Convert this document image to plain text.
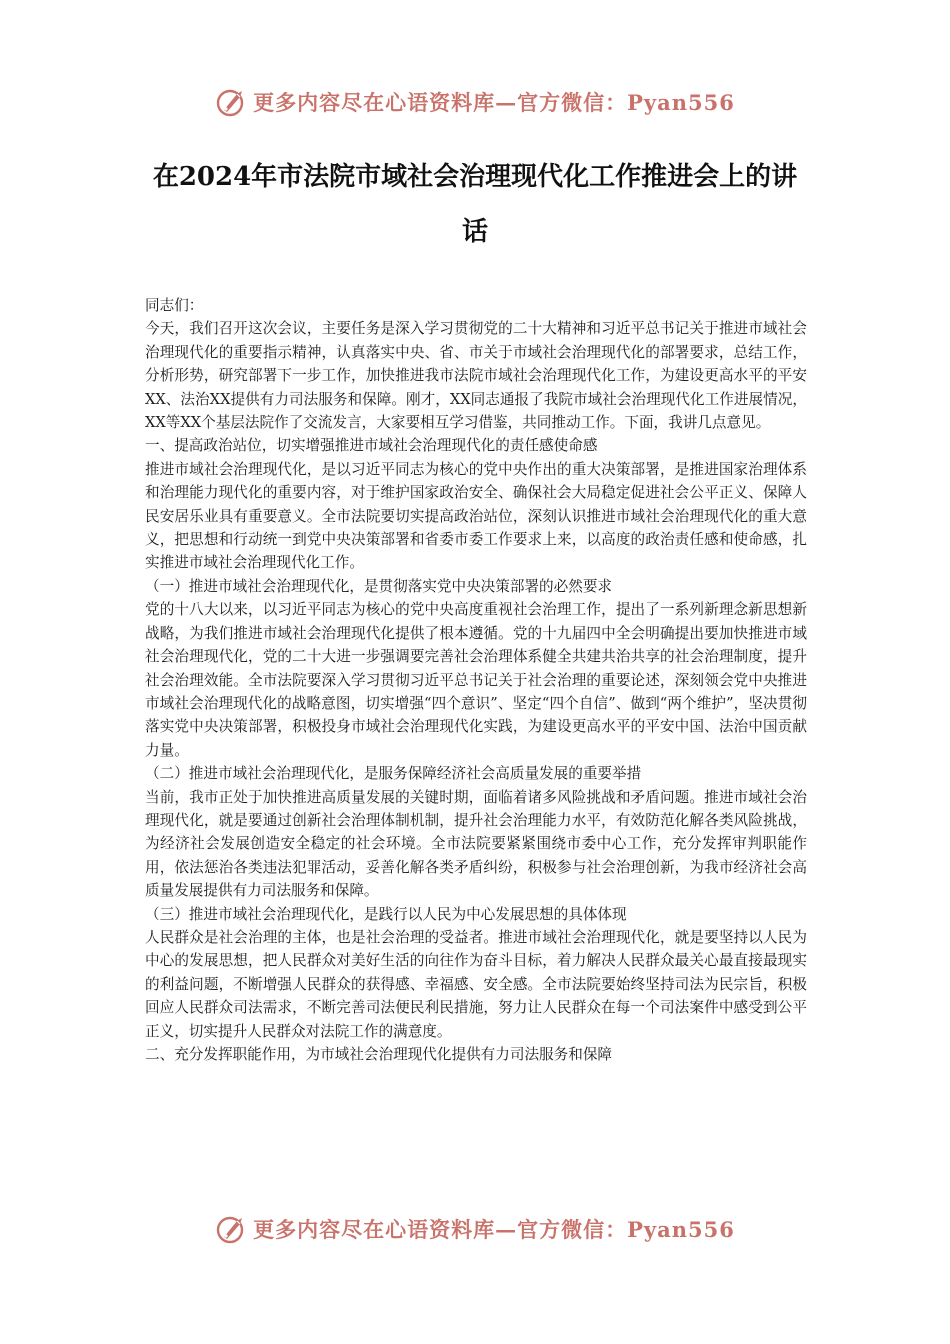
更多内容尽在心语资料库—官方微信：Pyan556
在2024年市法院市域社会治理现代化工作推进会上的讲话

同志们：

今天，我们召开这次会议，主要任务是深入学习贯彻党的二十大精神和习近平总书记关于推进市域社会治理现代化的重要指示精神，认真落实中央、省、市关于市域社会治理现代化的部署要求，总结工作，分析形势，研究部署下一步工作，加快推进我市法院市域社会治理现代化工作，为建设更高水平的平安XX、法治XX提供有力司法服务和保障。刚才，XX同志通报了我院市域社会治理现代化工作进展情况，XX等XX个基层法院作了交流发言，大家要相互学习借鉴，共同推动工作。下面，我讲几点意见。

一、提高政治站位，切实增强推进市域社会治理现代化的责任感使命感

推进市域社会治理现代化，是以习近平同志为核心的党中央作出的重大决策部署，是推进国家治理体系和治理能力现代化的重要内容，对于维护国家政治安全、确保社会大局稳定促进社会公平正义、保障人民安居乐业具有重要意义。全市法院要切实提高政治站位，深刻认识推进市域社会治理现代化的重大意义，把思想和行动统一到党中央决策部署和省委市委工作要求上来，以高度的政治责任感和使命感，扎实推进市域社会治理现代化工作。

（一）推进市域社会治理现代化，是贯彻落实党中央决策部署的必然要求

党的十八大以来，以习近平同志为核心的党中央高度重视社会治理工作，提出了一系列新理念新思想新战略，为我们推进市域社会治理现代化提供了根本遵循。党的十九届四中全会明确提出要加快推进市域社会治理现代化，党的二十大进一步强调要完善社会治理体系健全共建共治共享的社会治理制度，提升社会治理效能。全市法院要深入学习贯彻习近平总书记关于社会治理的重要论述，深刻领会党中央推进市域社会治理现代化的战略意图，切实增强“四个意识”、坚定“四个自信”、做到“两个维护”，坚决贯彻落实党中央决策部署，积极投身市域社会治理现代化实践，为建设更高水平的平安中国、法治中国贡献力量。

（二）推进市域社会治理现代化，是服务保障经济社会高质量发展的重要举措

当前，我市正处于加快推进高质量发展的关键时期，面临着诸多风险挑战和矛盾问题。推进市域社会治理现代化，就是要通过创新社会治理体制机制，提升社会治理能力水平，有效防范化解各类风险挑战，为经济社会发展创造安全稳定的社会环境。全市法院要紧紧围绕市委中心工作，充分发挥审判职能作用，依法惩治各类违法犯罪活动，妥善化解各类矛盾纠纷，积极参与社会治理创新，为我市经济社会高质量发展提供有力司法服务和保障。

（三）推进市域社会治理现代化，是践行以人民为中心发展思想的具体体现

人民群众是社会治理的主体，也是社会治理的受益者。推进市域社会治理现代化，就是要坚持以人民为中心的发展思想，把人民群众对美好生活的向往作为奋斗目标，着力解决人民群众最关心最直接最现实的利益问题，不断增强人民群众的获得感、幸福感、安全感。全市法院要始终坚持司法为民宗旨，积极回应人民群众司法需求，不断完善司法便民利民措施，努力让人民群众在每一个司法案件中感受到公平正义，切实提升人民群众对法院工作的满意度。

二、充分发挥职能作用，为市域社会治理现代化提供有力司法服务和保障

更多内容尽在心语资料库—官方微信：Pyan556
